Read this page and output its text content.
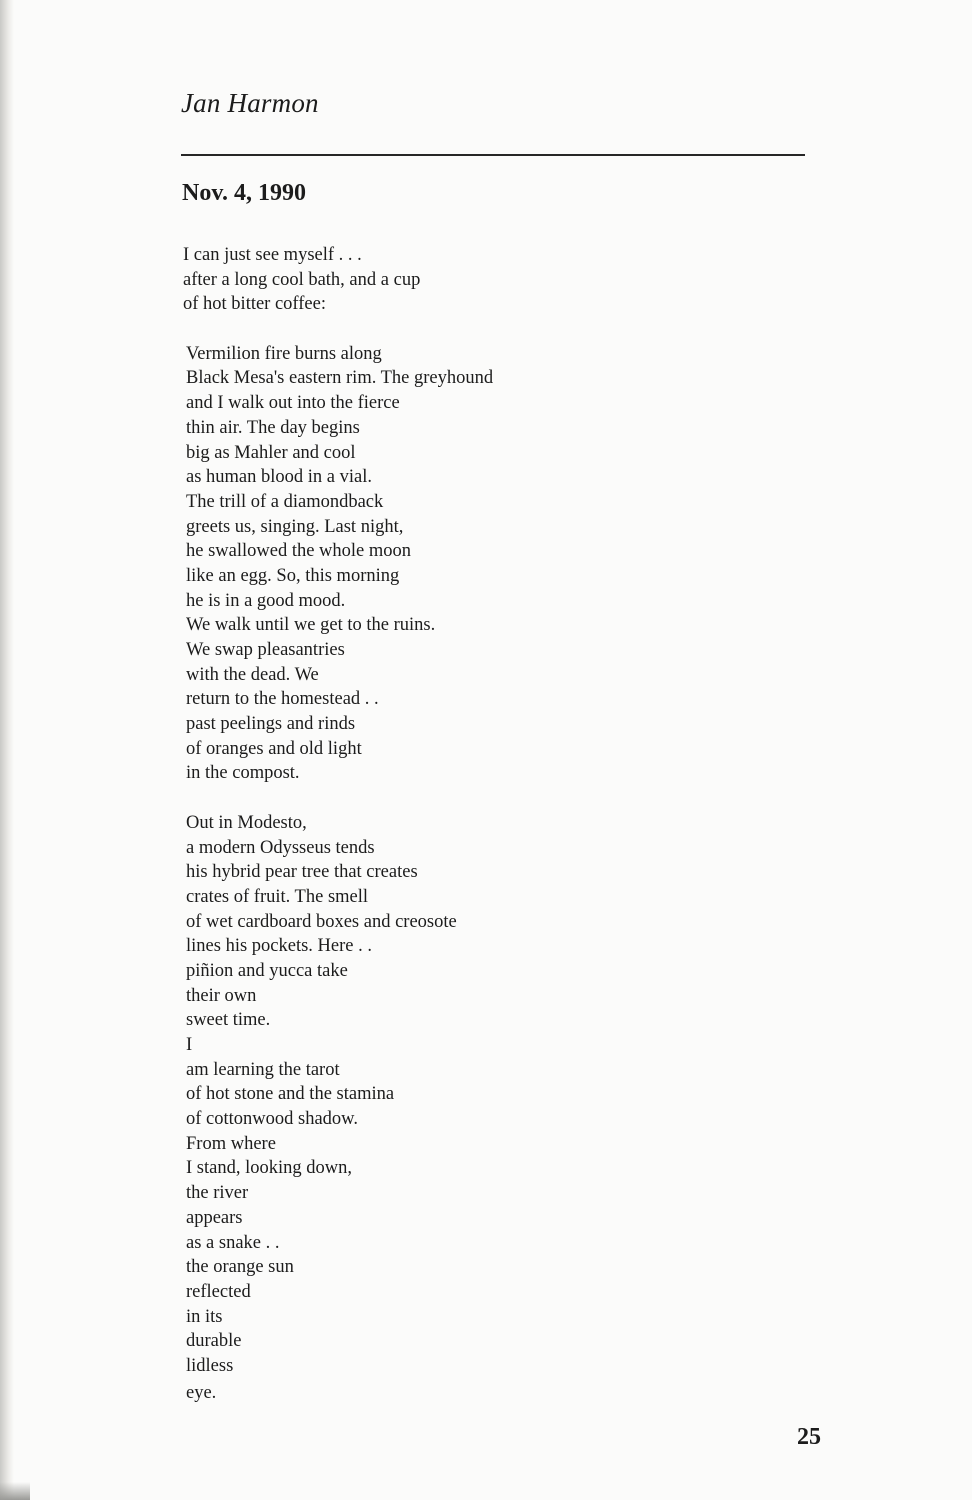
Jan Harmon
Nov. 4, 1990
I can just see myself . . .
after a long cool bath, and a cup
of hot bitter coffee:
Vermilion fire burns along
Black Mesa's eastern rim. The greyhound
and I walk out into the fierce
thin air. The day begins
big as Mahler and cool
as human blood in a vial.
The trill of a diamondback
greets us, singing. Last night,
he swallowed the whole moon
like an egg. So, this morning
he is in a good mood.
We walk until we get to the ruins.
We swap pleasantries
with the dead. We
return to the homestead . .
past peelings and rinds
of oranges and old light
in the compost.
Out in Modesto,
a modern Odysseus tends
his hybrid pear tree that creates
crates of fruit. The smell
of wet cardboard boxes and creosote
lines his pockets. Here . .
piñion and yucca take
their own
sweet time.
I
am learning the tarot
of hot stone and the stamina
of cottonwood shadow.
From where
I stand, looking down,
the river
appears
as a snake . .
the orange sun
reflected
in its
durable
lidless
eye.
25
